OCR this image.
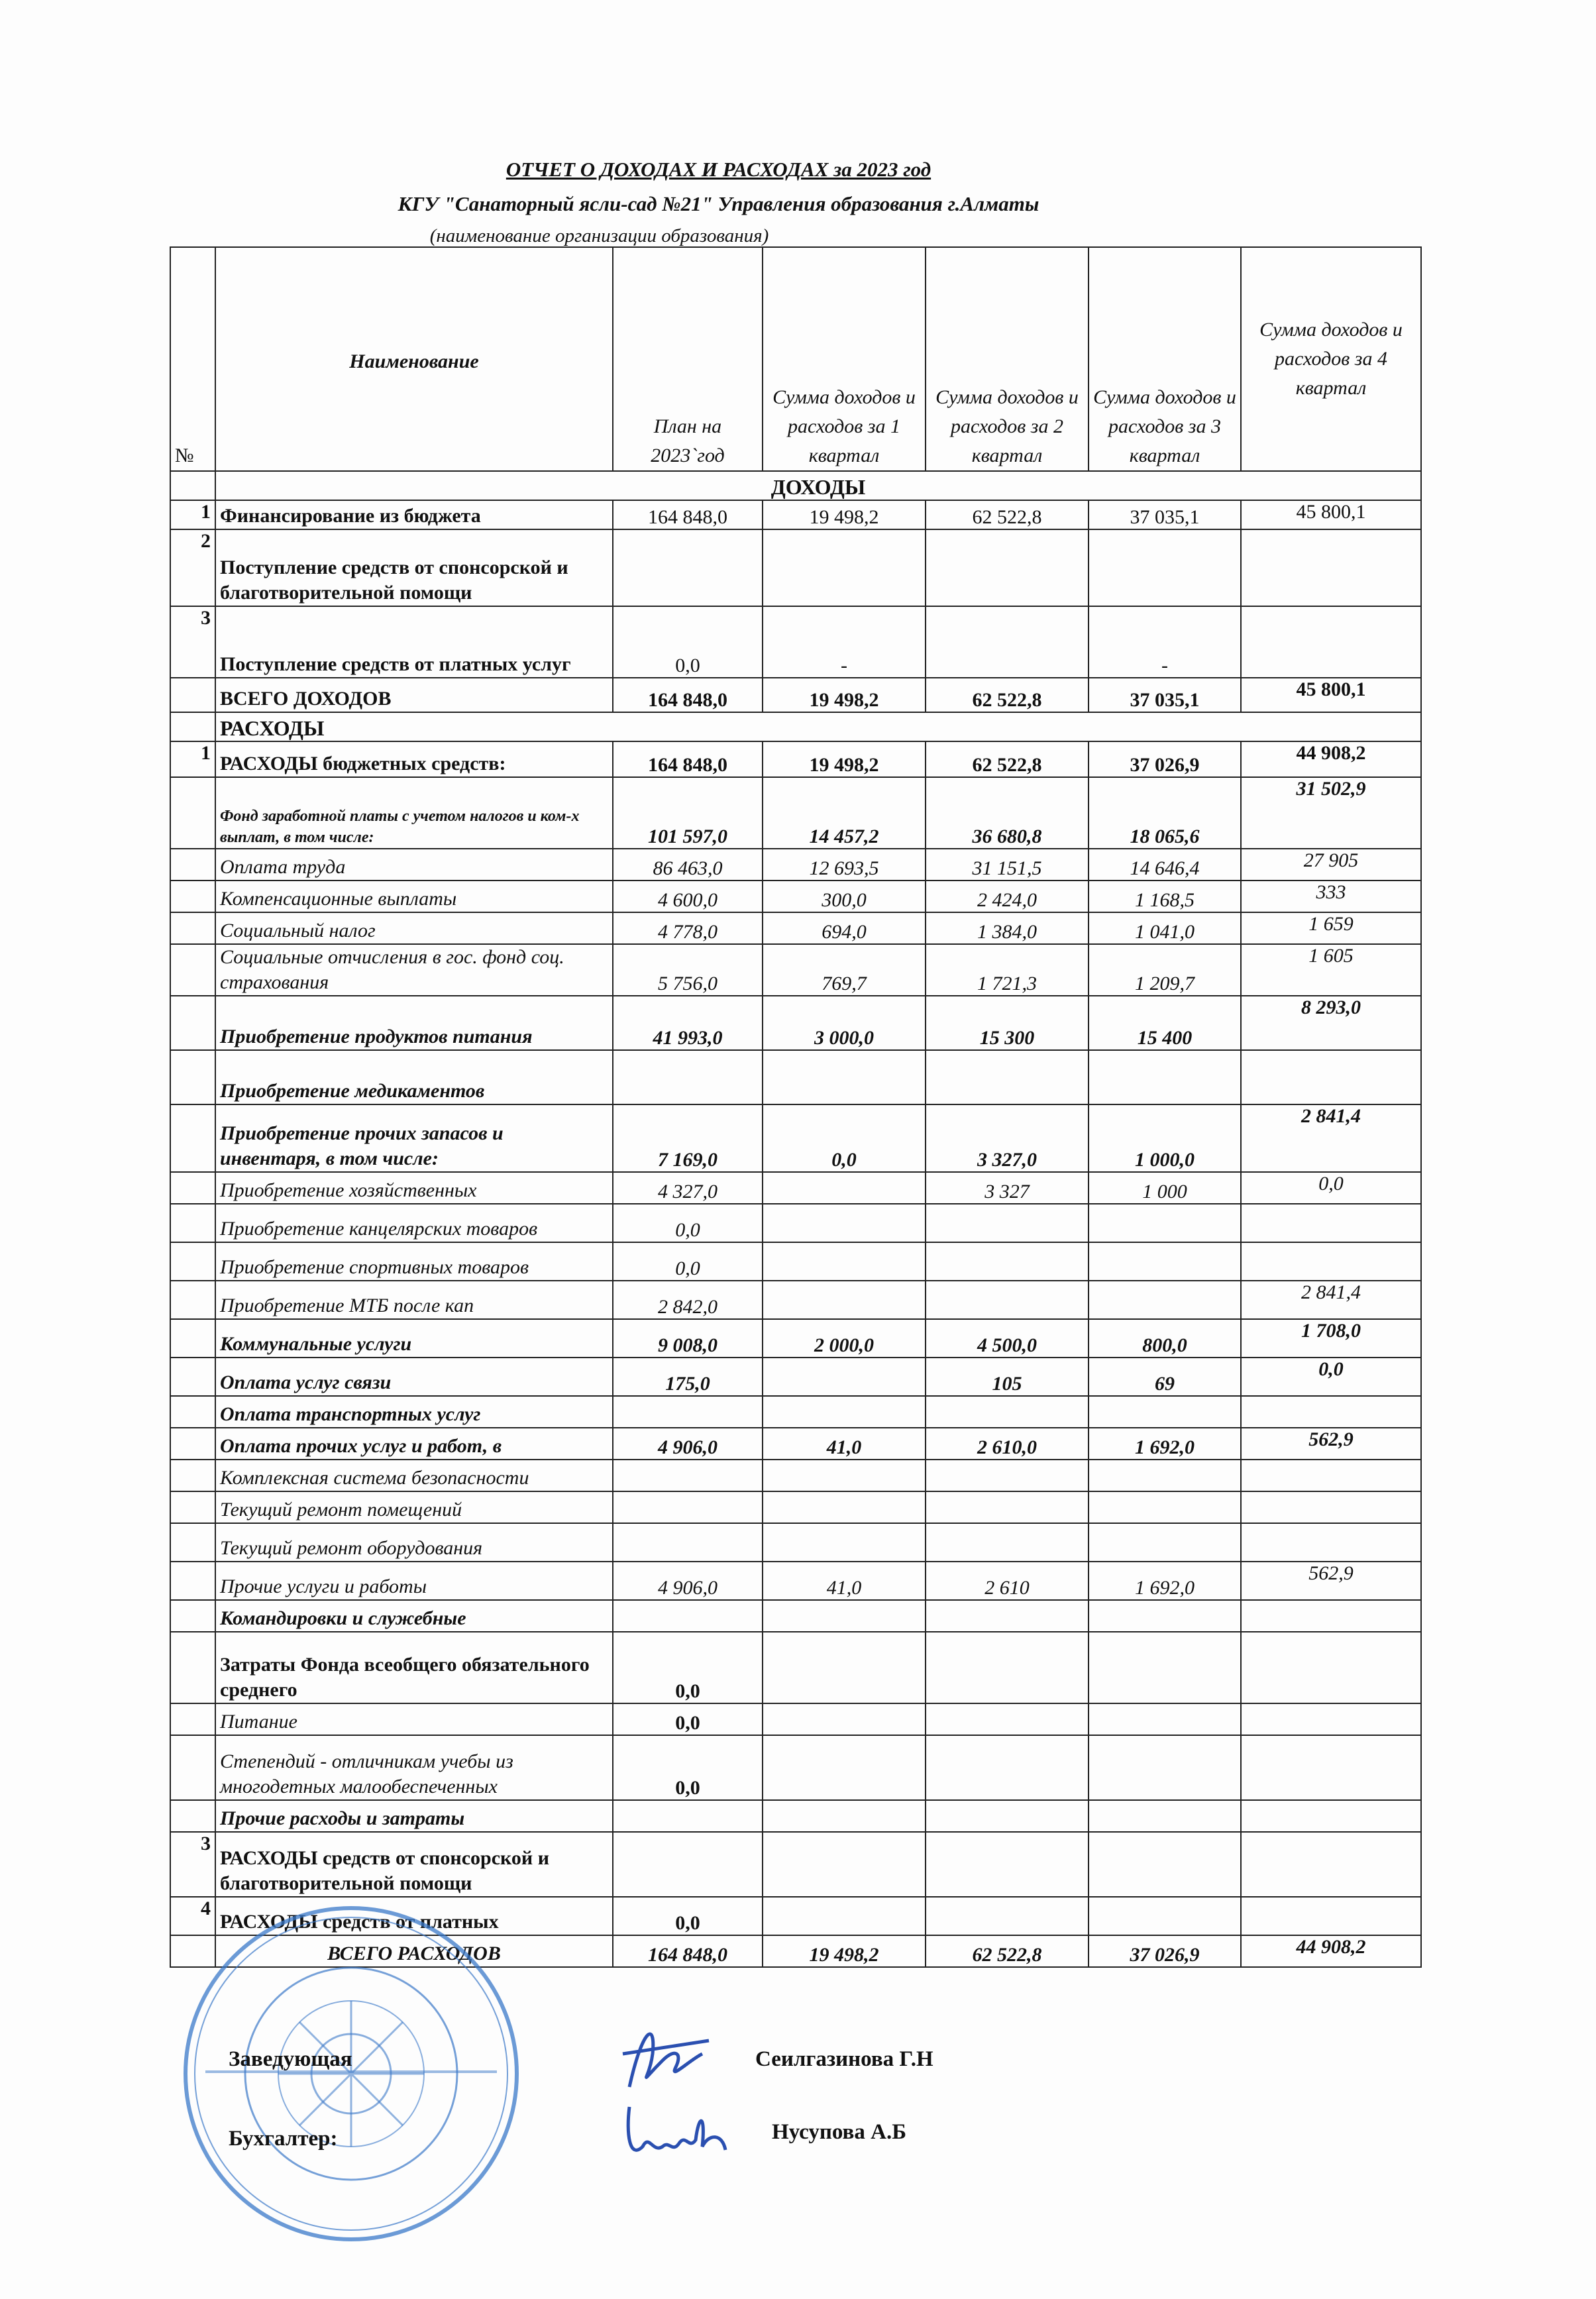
ОТЧЕТ О ДОХОДАХ И РАСХОДАХ за 2023 год
КГУ "Санаторный ясли-сад №21" Управления образования г.Алматы
(наименование организации образования)
№	Наименование	План на 2023`год	Сумма доходов и расходов за 1 квартал	Сумма доходов и расходов за 2 квартал	Сумма доходов и расходов за 3 квартал	Сумма доходов и расходов за 4 квартал
	ДОХОДЫ					
1	Финансирование из бюджета	164 848,0	19 498,2	62 522,8	37 035,1	45 800,1
2	Поступление средств от спонсорской и благотворительной помощи					
3	Поступление средств от платных услуг	0,0	-		-	
	ВСЕГО ДОХОДОВ	164 848,0	19 498,2	62 522,8	37 035,1	45 800,1
	РАСХОДЫ					
1	РАСХОДЫ бюджетных средств:	164 848,0	19 498,2	62 522,8	37 026,9	44 908,2
	Фонд заработной платы с учетом налогов и ком-х выплат, в том числе:	101 597,0	14 457,2	36 680,8	18 065,6	31 502,9
	Оплата труда	86 463,0	12 693,5	31 151,5	14 646,4	27 905
	Компенсационные выплаты	4 600,0	300,0	2 424,0	1 168,5	333
	Социальный налог	4 778,0	694,0	1 384,0	1 041,0	1 659
	Социальные отчисления в гос. фонд соц. страхования	5 756,0	769,7	1 721,3	1 209,7	1 605
	Приобретение продуктов питания	41 993,0	3 000,0	15 300	15 400	8 293,0
	Приобретение медикаментов					
	Приобретение прочих запасов и инвентаря, в том числе:	7 169,0	0,0	3 327,0	1 000,0	2 841,4
	Приобретение хозяйственных	4 327,0		3 327	1 000	0,0
	Приобретение канцелярских товаров	0,0				
	Приобретение спортивных товаров	0,0				
	Приобретение МТБ после кап	2 842,0				2 841,4
	Коммунальные услуги	9 008,0	2 000,0	4 500,0	800,0	1 708,0
	Оплата услуг связи	175,0		105	69	0,0
	Оплата транспортных услуг					
	Оплата прочих услуг и работ, в	4 906,0	41,0	2 610,0	1 692,0	562,9
	Комплексная система безопасности					
	Текущий ремонт помещений					
	Текущий ремонт оборудования					
	Прочие услуги и работы	4 906,0	41,0	2 610	1 692,0	562,9
	Командировки и служебные					
	Затраты Фонда всеобщего обязательного среднего	0,0				
	Питание	0,0				
	Степендий - отличникам учебы из многодетных малообеспеченных	0,0				
	Прочие расходы и затраты					
3	РАСХОДЫ средств от спонсорской и благотворительной помощи					
4	РАСХОДЫ средств от платных	0,0				
	ВСЕГО РАСХОДОВ	164 848,0	19 498,2	62 522,8	37 026,9	44 908,2
Заведующая	Сеилгазинова Г.Н
Бухгалтер:	Нусупова А.Б
